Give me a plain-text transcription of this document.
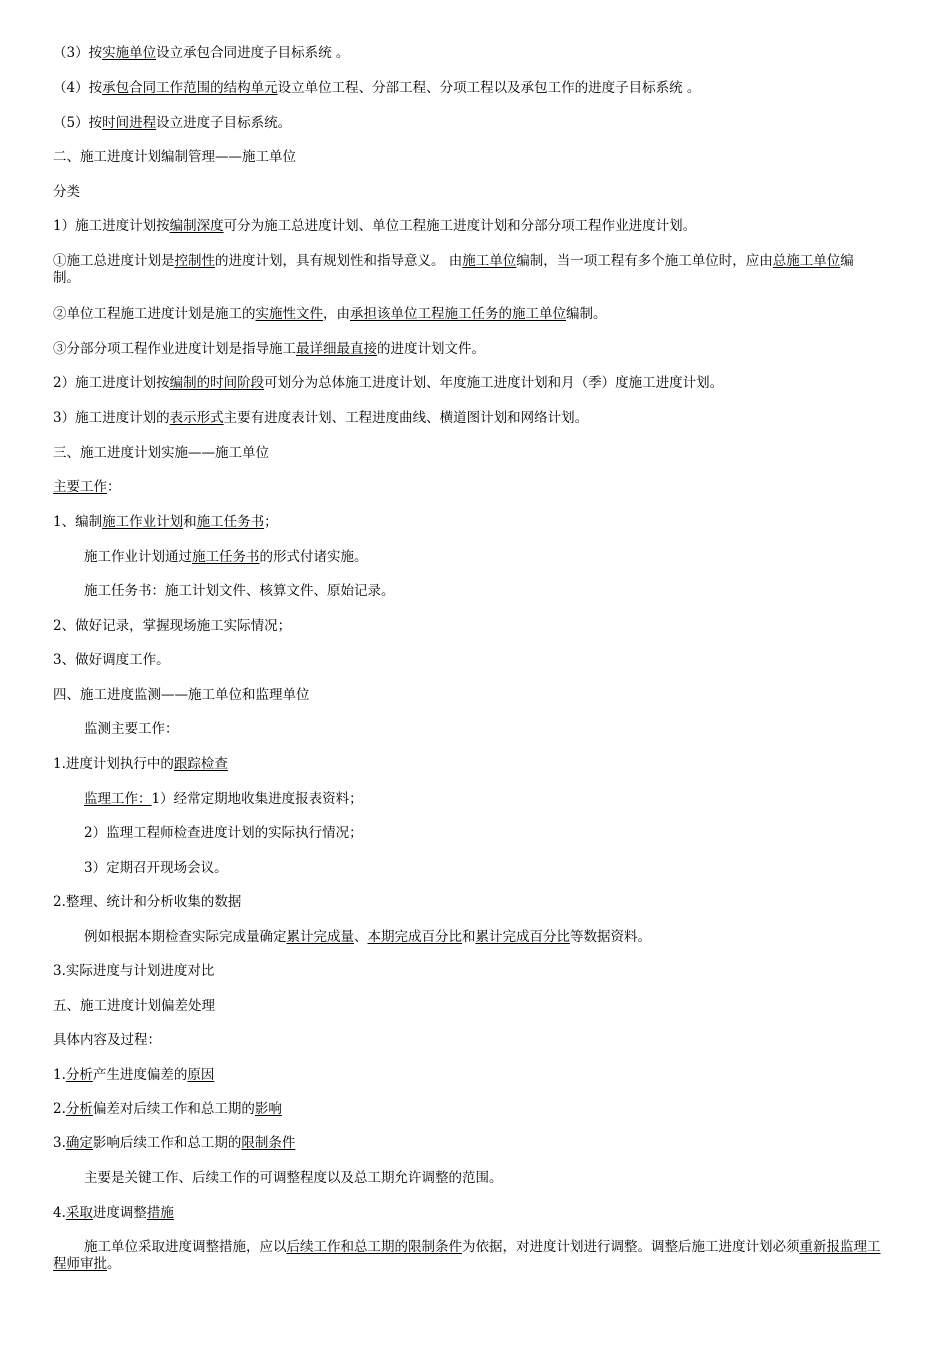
（3）按实施单位设立承包合同进度子目标系统 。
（4）按承包合同工作范围的结构单元设立单位工程、分部工程、分项工程以及承包工作的进度子目标系统 。
（5）按时间进程设立进度子目标系统。
二、施工进度计划编制管理——施工单位
分类
1）施工进度计划按编制深度可分为施工总进度计划、单位工程施工进度计划和分部分项工程作业进度计划。
①施工总进度计划是控制性的进度计划，具有规划性和指导意义。 由施工单位编制，当一项工程有多个施工单位时，应由总施工单位编制。
②单位工程施工进度计划是施工的实施性文件，由承担该单位工程施工任务的施工单位编制。
③分部分项工程作业进度计划是指导施工最详细最直接的进度计划文件。
2）施工进度计划按编制的时间阶段可划分为总体施工进度计划、年度施工进度计划和月（季）度施工进度计划。
3）施工进度计划的表示形式主要有进度表计划、工程进度曲线、横道图计划和网络计划。
三、施工进度计划实施——施工单位
主要工作：
1、编制施工作业计划和施工任务书；
施工作业计划通过施工任务书的形式付诸实施。
施工任务书：施工计划文件、核算文件、原始记录。
2、做好记录，掌握现场施工实际情况；
3、做好调度工作。
四、施工进度监测——施工单位和监理单位
监测主要工作：
1.进度计划执行中的跟踪检查
监理工作：1）经常定期地收集进度报表资料；
2）监理工程师检查进度计划的实际执行情况；
3）定期召开现场会议。
2.整理、统计和分析收集的数据
例如根据本期检查实际完成量确定累计完成量、本期完成百分比和累计完成百分比等数据资料。
3.实际进度与计划进度对比
五、施工进度计划偏差处理
具体内容及过程：
1.分析产生进度偏差的原因
2.分析偏差对后续工作和总工期的影响
3.确定影响后续工作和总工期的限制条件
主要是关键工作、后续工作的可调整程度以及总工期允许调整的范围。
4.采取进度调整措施
施工单位采取进度调整措施，应以后续工作和总工期的限制条件为依据，对进度计划进行调整。调整后施工进度计划必须重新报监理工程师审批。
